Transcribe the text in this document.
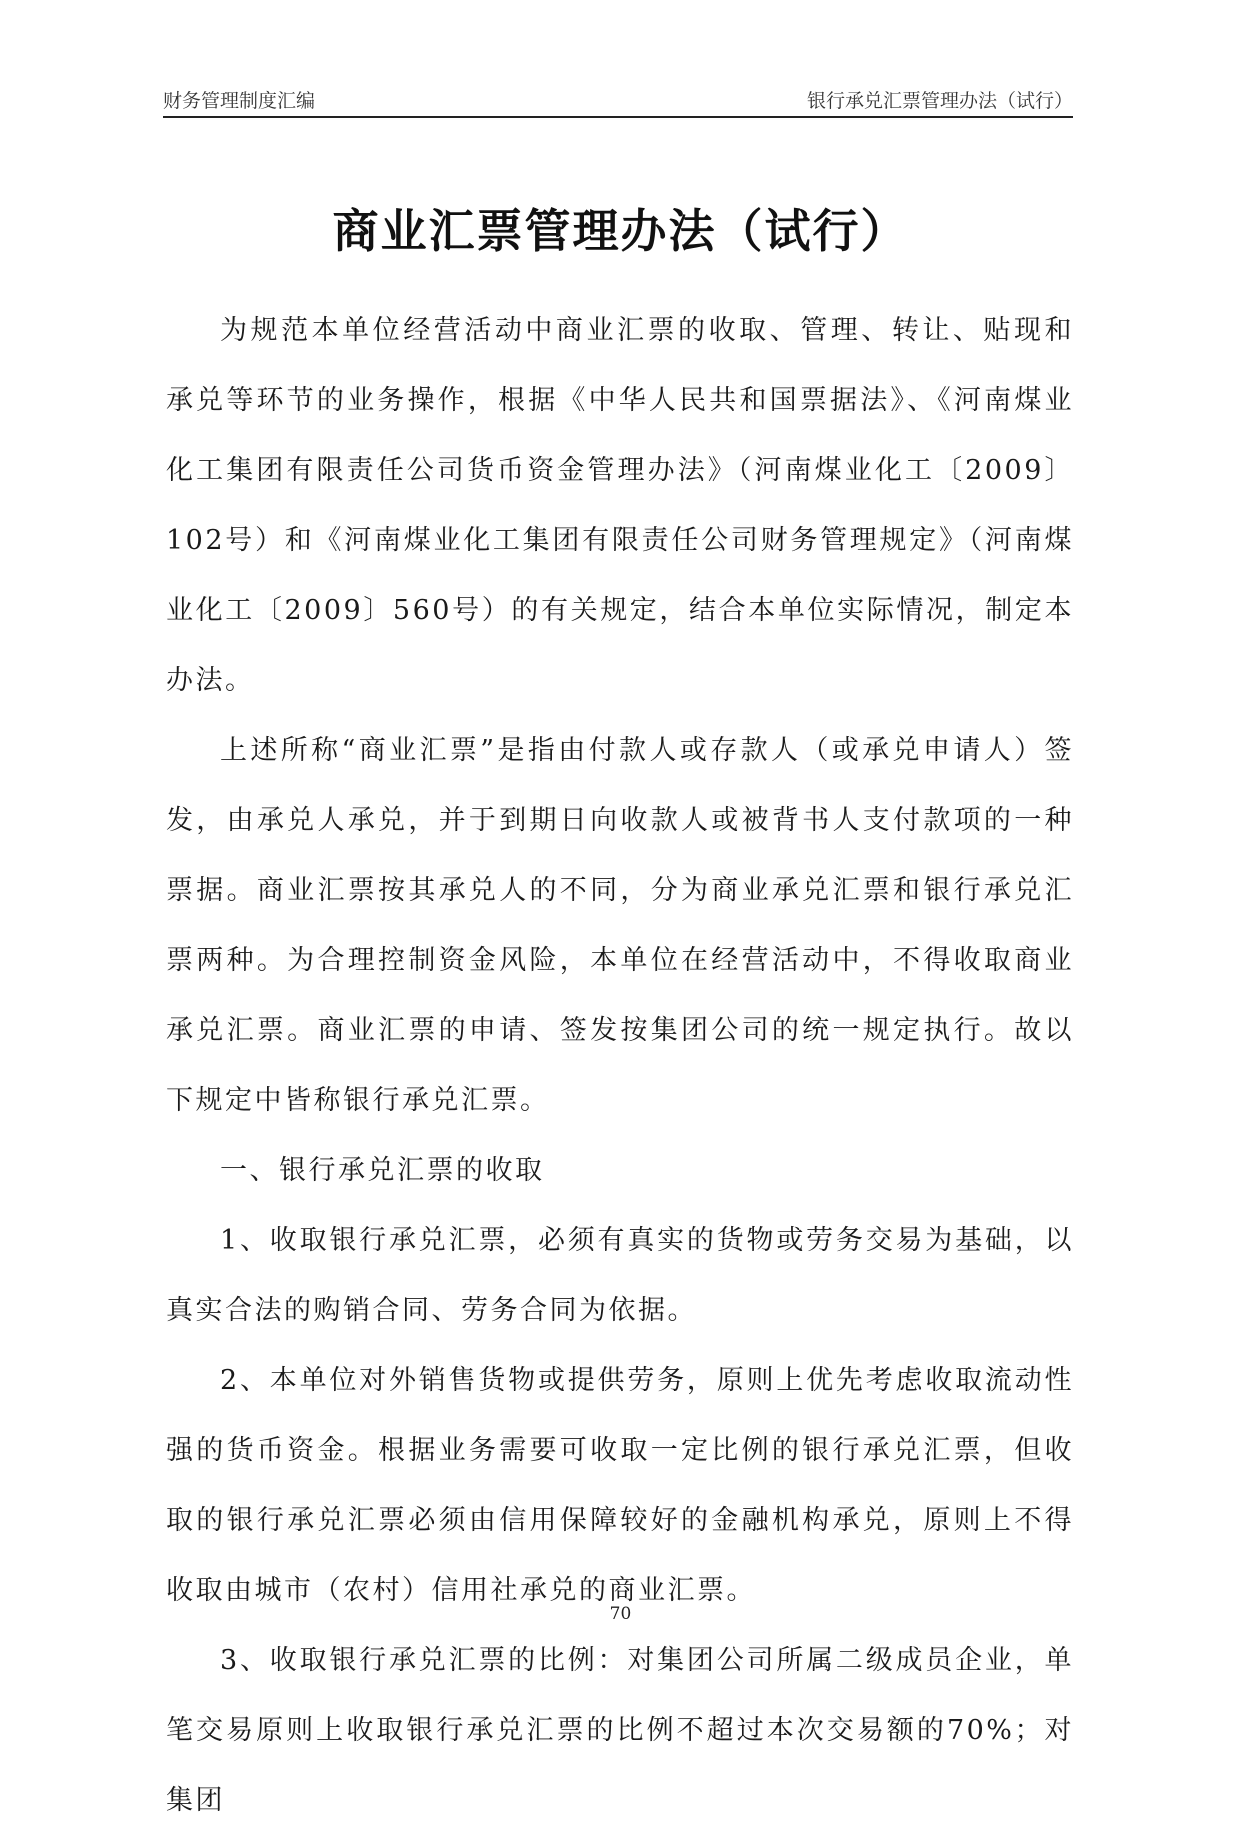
财务管理制度汇编	银行承兑汇票管理办法（试行）
商业汇票管理办法（试行）

为规范本单位经营活动中商业汇票的收取、管理、转让、贴现和承兑等环节的业务操作，根据《中华人民共和国票据法》、《河南煤业化工集团有限责任公司货币资金管理办法》（河南煤业化工〔2009〕102号）和《河南煤业化工集团有限责任公司财务管理规定》（河南煤业化工〔2009〕560号）的有关规定，结合本单位实际情况，制定本办法。

上述所称“商业汇票”是指由付款人或存款人（或承兑申请人）签发，由承兑人承兑，并于到期日向收款人或被背书人支付款项的一种票据。商业汇票按其承兑人的不同，分为商业承兑汇票和银行承兑汇票两种。为合理控制资金风险，本单位在经营活动中，不得收取商业承兑汇票。商业汇票的申请、签发按集团公司的统一规定执行。故以下规定中皆称银行承兑汇票。

一、银行承兑汇票的收取

1、收取银行承兑汇票，必须有真实的货物或劳务交易为基础，以真实合法的购销合同、劳务合同为依据。

2、本单位对外销售货物或提供劳务，原则上优先考虑收取流动性强的货币资金。根据业务需要可收取一定比例的银行承兑汇票，但收取的银行承兑汇票必须由信用保障较好的金融机构承兑，原则上不得收取由城市（农村）信用社承兑的商业汇票。

3、收取银行承兑汇票的比例：对集团公司所属二级成员企业，单笔交易原则上收取银行承兑汇票的比例不超过本次交易额的70%；对集团

70
